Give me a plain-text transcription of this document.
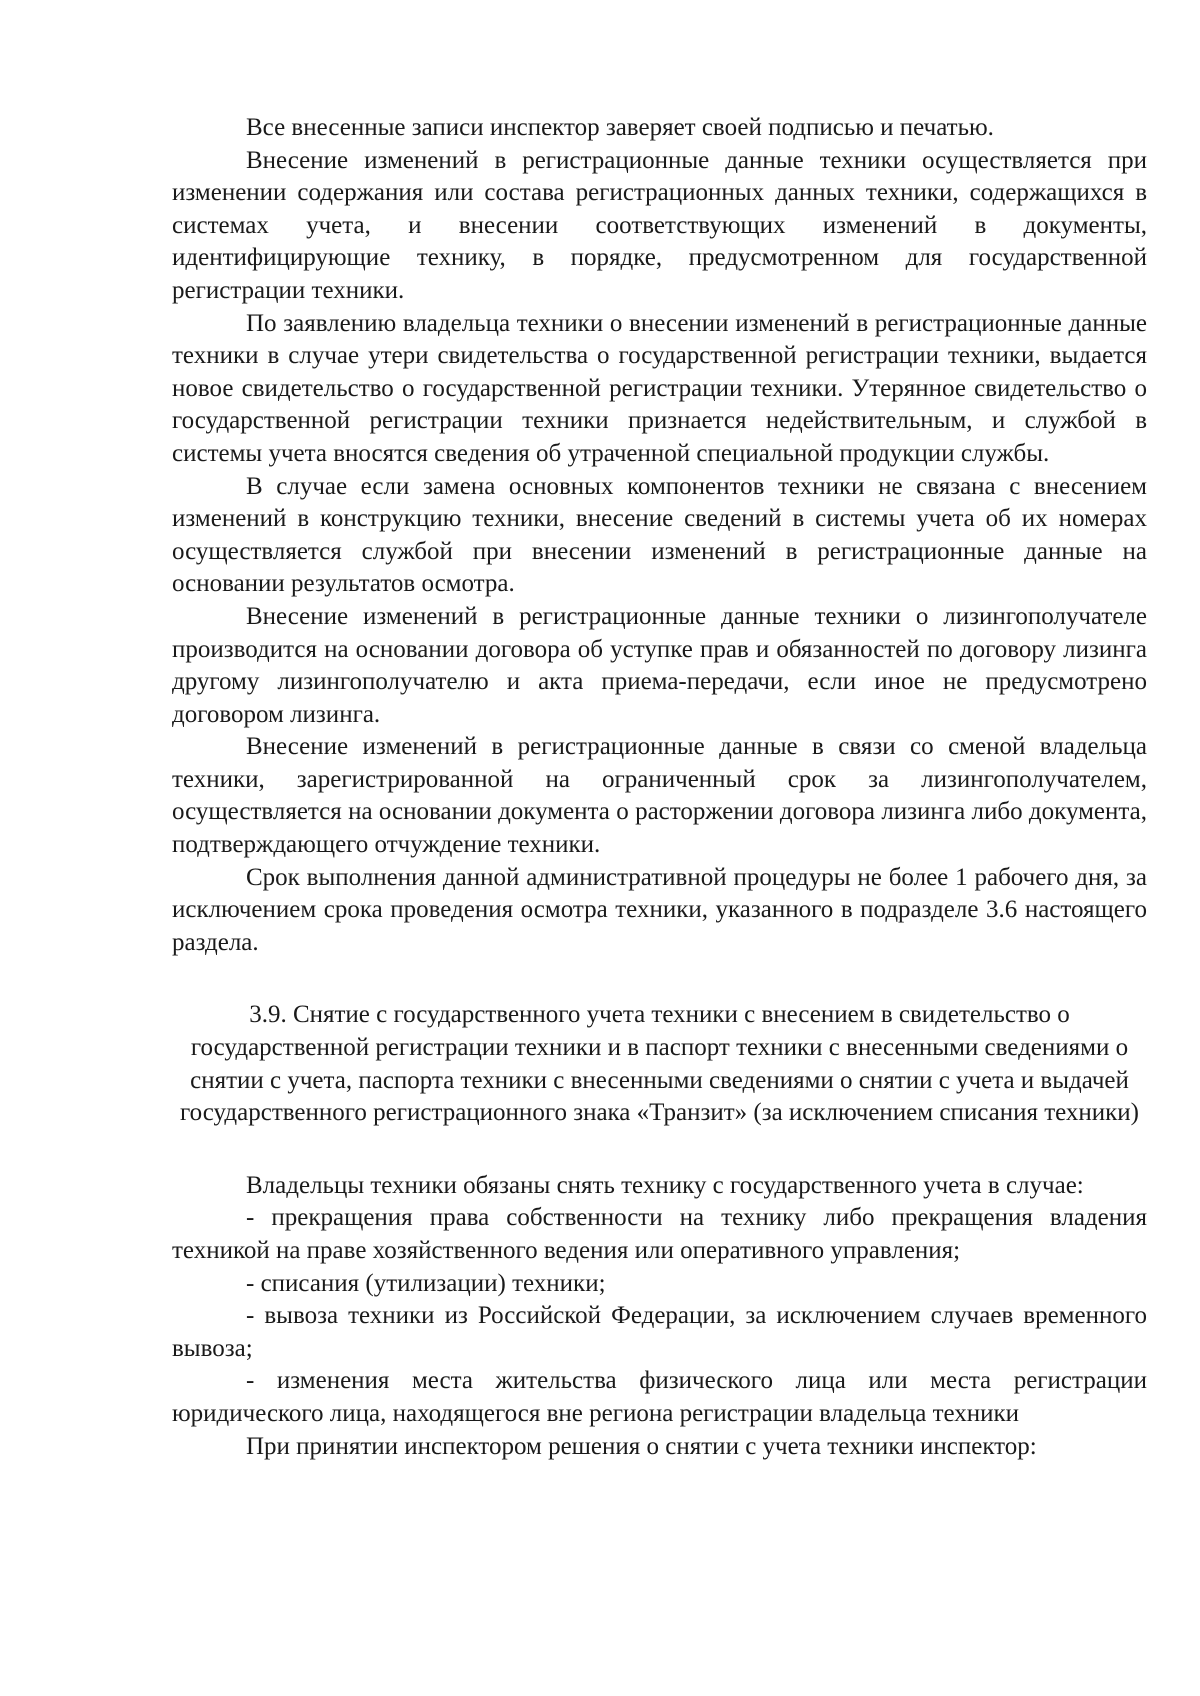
Все внесенные записи инспектор заверяет своей подписью и печатью.

Внесение изменений в регистрационные данные техники осуществляется при изменении содержания или состава регистрационных данных техники, содержащихся в системах учета, и внесении соответствующих изменений в документы, идентифицирующие технику, в порядке, предусмотренном для государственной регистрации техники.

По заявлению владельца техники о внесении изменений в регистрационные данные техники в случае утери свидетельства о государственной регистрации техники, выдается новое свидетельство о государственной регистрации техники. Утерянное свидетельство о государственной регистрации техники признается недействительным, и службой в системы учета вносятся сведения об утраченной специальной продукции службы.

В случае если замена основных компонентов техники не связана с внесением изменений в конструкцию техники, внесение сведений в системы учета об их номерах осуществляется службой при внесении изменений в регистрационные данные на основании результатов осмотра.

Внесение изменений в регистрационные данные техники о лизингополучателе производится на основании договора об уступке прав и обязанностей по договору лизинга другому лизингополучателю и акта приема-передачи, если иное не предусмотрено договором лизинга.

Внесение изменений в регистрационные данные в связи со сменой владельца техники, зарегистрированной на ограниченный срок за лизингополучателем, осуществляется на основании документа о расторжении договора лизинга либо документа, подтверждающего отчуждение техники.

Срок выполнения данной административной процедуры не более 1 рабочего дня, за исключением срока проведения осмотра техники, указанного в подразделе 3.6 настоящего раздела.

3.9. Снятие с государственного учета техники с внесением в свидетельство о государственной регистрации техники и в паспорт техники с внесенными сведениями о снятии с учета, паспорта техники с внесенными сведениями о снятии с учета и выдачей государственного регистрационного знака «Транзит» (за исключением списания техники)

Владельцы техники обязаны снять технику с государственного учета в случае:

- прекращения права собственности на технику либо прекращения владения техникой на праве хозяйственного ведения или оперативного управления;

- списания (утилизации) техники;

- вывоза техники из Российской Федерации, за исключением случаев временного вывоза;

- изменения места жительства физического лица или места регистрации юридического лица, находящегося вне региона регистрации владельца техники

При принятии инспектором решения о снятии с учета техники инспектор:
